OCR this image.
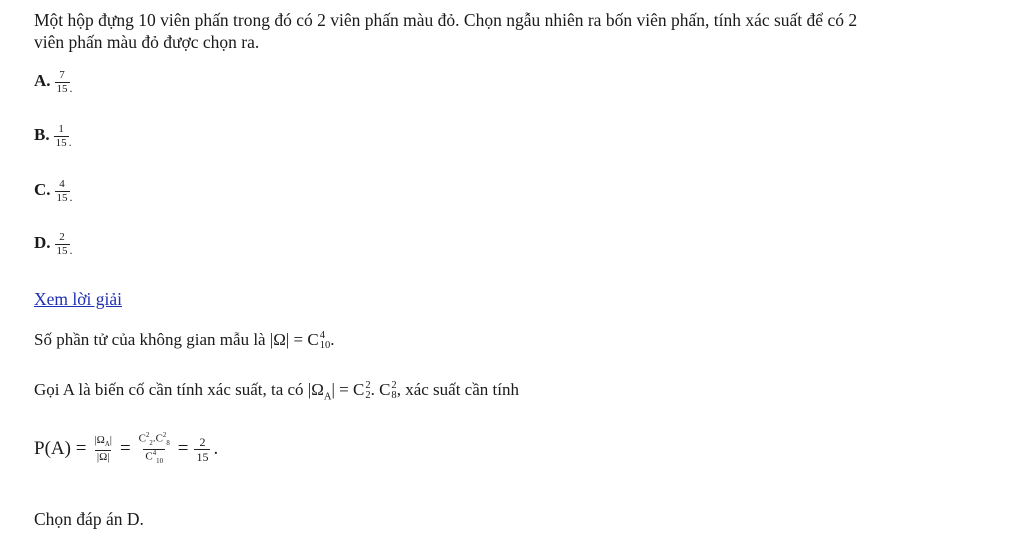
Một hộp đựng 10 viên phấn trong đó có 2 viên phấn màu đỏ. Chọn ngẫu nhiên ra bốn viên phấn, tính xác suất để có 2
viên phấn màu đỏ được chọn ra.
A. $\frac{7}{15} _.$
B. $\frac{1}{15} _.$
C. $\frac{4}{15} _.$
D. $\frac{2}{15} _.$
Xem lời giải
Số phần tử của không gian mẫu là |Ω| = C 4
10 .
Gọi A là biến cố cần tính xác suất, ta có $|\Omega_A| = C$ 2
2 . C 2
8 , xác suất cần tính
$P(A) = \frac{|\Omega_A|}{|\Omega|} = \frac{C^2_2.C^2_8}{C^4_{10}} = \frac{2}{15}$ .
Chọn đáp án D.
